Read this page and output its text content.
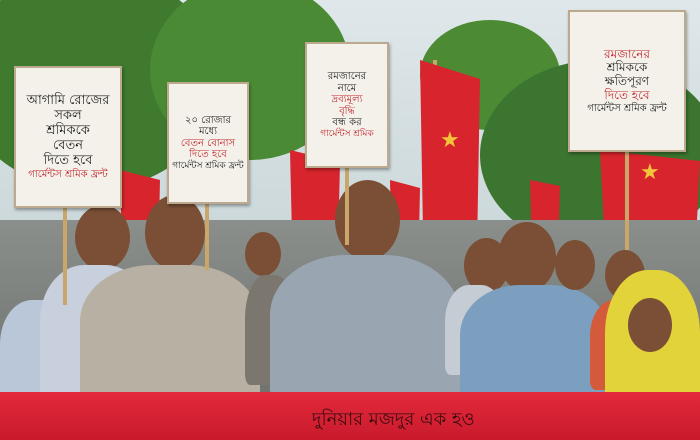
★
★
আগামি রোজের
সকল
শ্রমিককে
বেতন
দিতে হবে
গার্মেন্টস শ্রমিক ফ্রন্ট
২০ রোজার
মধ্যে
বেতন বোনাস
দিতে হবে
গার্মেন্টস শ্রমিক ফ্রন্ট
রমজানের
নামে
দ্রব্যমূল্য
বৃদ্ধি
বন্ধ কর
গার্মেন্টস শ্রমিক
রমজানের
শ্রমিককে
ক্ষতিপূরণ
দিতে হবে
গার্মেন্টস শ্রমিক ফ্রন্ট
দুনিয়ার মজদুর এক হও
